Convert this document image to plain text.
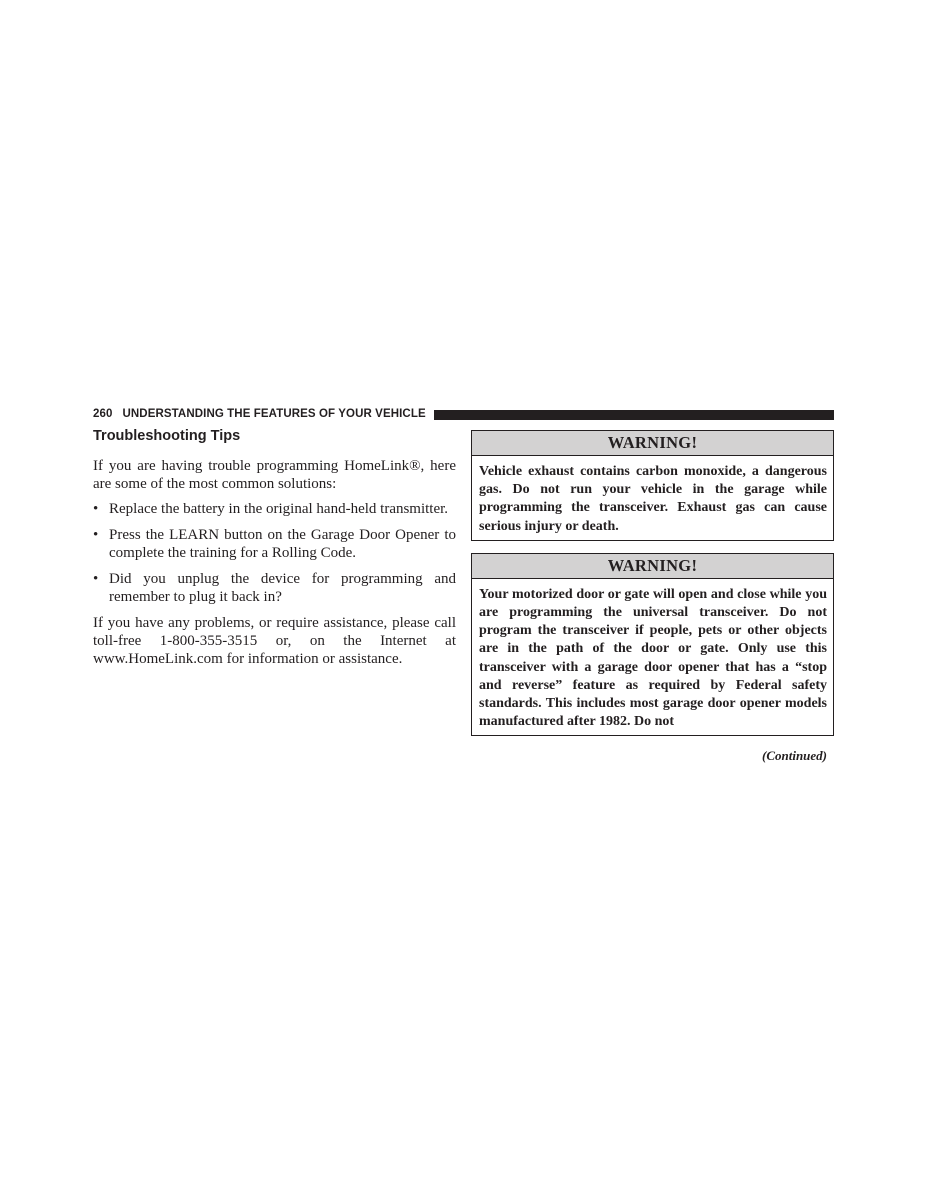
260 UNDERSTANDING THE FEATURES OF YOUR VEHICLE
Troubleshooting Tips

If you are having trouble programming HomeLink®, here are some of the most common solutions:

• Replace the battery in the original hand-held transmitter.

• Press the LEARN button on the Garage Door Opener to complete the training for a Rolling Code.

• Did you unplug the device for programming and remember to plug it back in?

If you have any problems, or require assistance, please call toll-free 1-800-355-3515 or, on the Internet at www.HomeLink.com for information or assistance.

WARNING!

Vehicle exhaust contains carbon monoxide, a dangerous gas. Do not run your vehicle in the garage while programming the transceiver. Exhaust gas can cause serious injury or death.

WARNING!

Your motorized door or gate will open and close while you are programming the universal transceiver. Do not program the transceiver if people, pets or other objects are in the path of the door or gate. Only use this transceiver with a garage door opener that has a “stop and reverse” feature as required by Federal safety standards. This includes most garage door opener models manufactured after 1982. Do not

(Continued)
